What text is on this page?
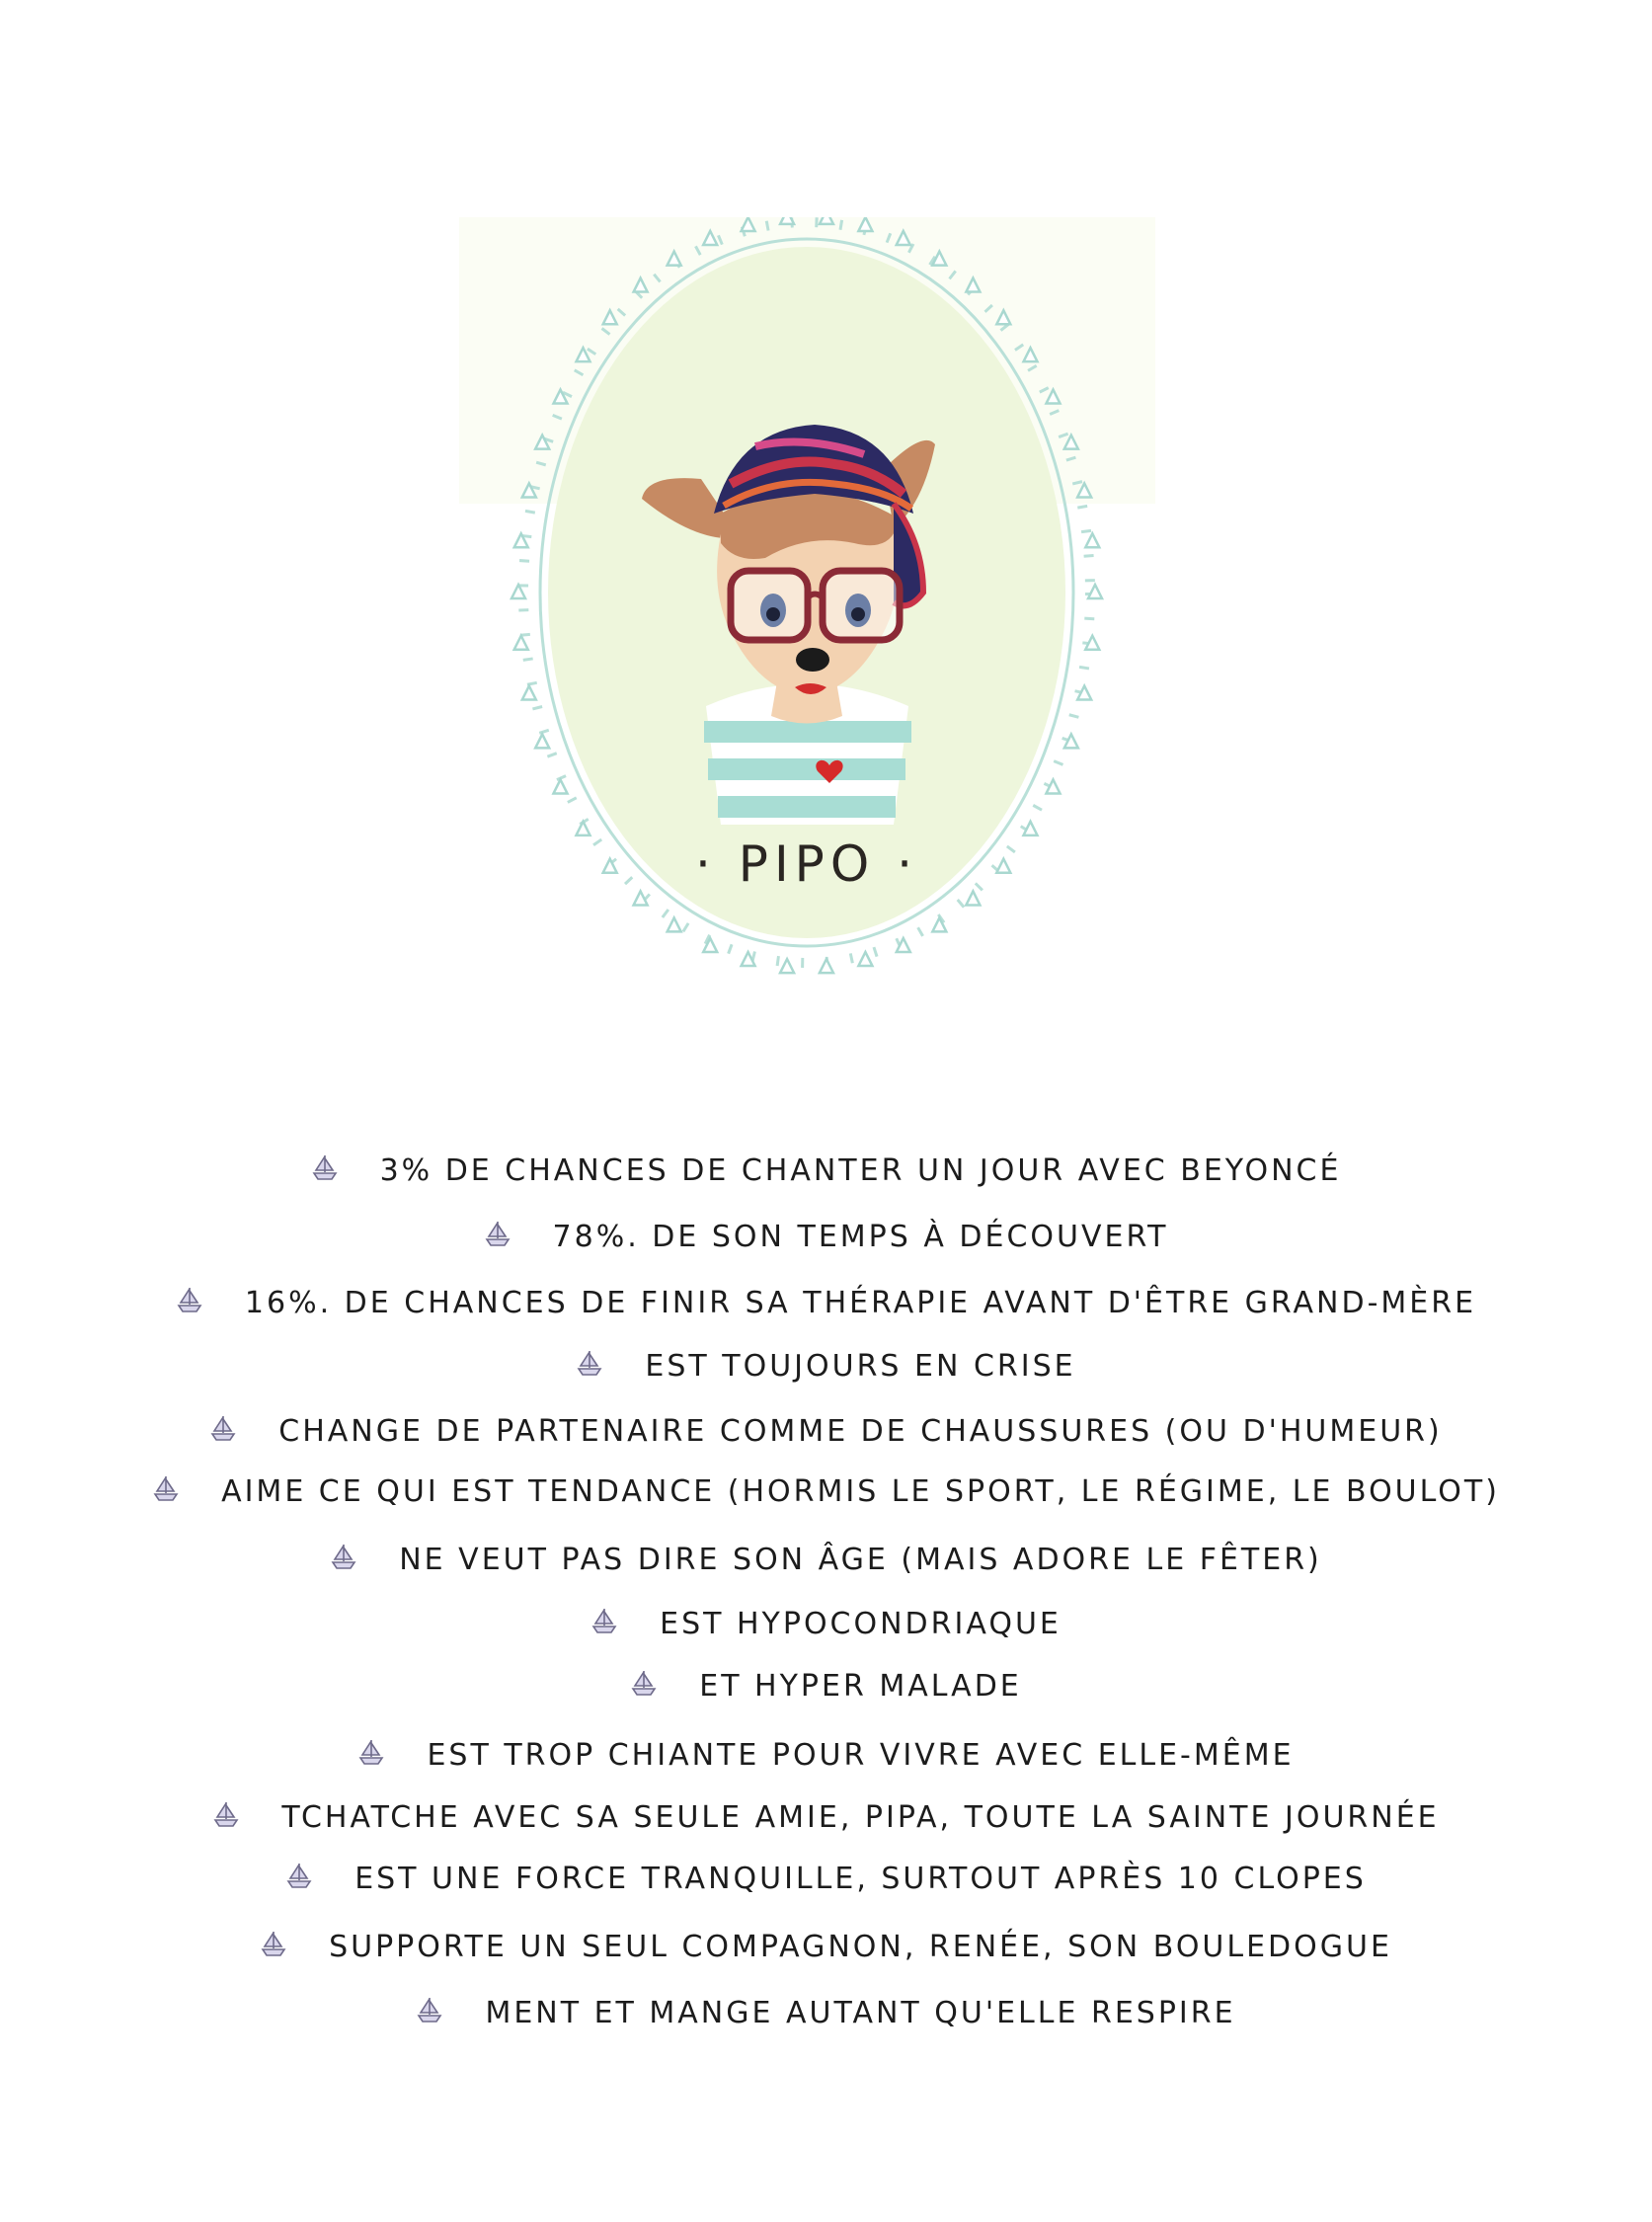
· PIPO ·
3% DE CHANCES DE CHANTER UN JOUR AVEC BEYONCÉ
78%. DE SON TEMPS À DÉCOUVERT
16%. DE CHANCES DE FINIR SA THÉRAPIE AVANT D'ÊTRE GRAND-MÈRE
EST TOUJOURS EN CRISE
CHANGE DE PARTENAIRE COMME DE CHAUSSURES (OU D'HUMEUR)
AIME CE QUI EST TENDANCE (HORMIS LE SPORT, LE RÉGIME, LE BOULOT)
NE VEUT PAS DIRE SON ÂGE (MAIS ADORE LE FÊTER)
EST HYPOCONDRIAQUE
ET HYPER MALADE
EST TROP CHIANTE POUR VIVRE AVEC ELLE-MÊME
TCHATCHE AVEC SA SEULE AMIE, PIPA, TOUTE LA SAINTE JOURNÉE
EST UNE FORCE TRANQUILLE, SURTOUT APRÈS 10 CLOPES
SUPPORTE UN SEUL COMPAGNON, RENÉE, SON BOULEDOGUE
MENT ET MANGE AUTANT QU'ELLE RESPIRE
